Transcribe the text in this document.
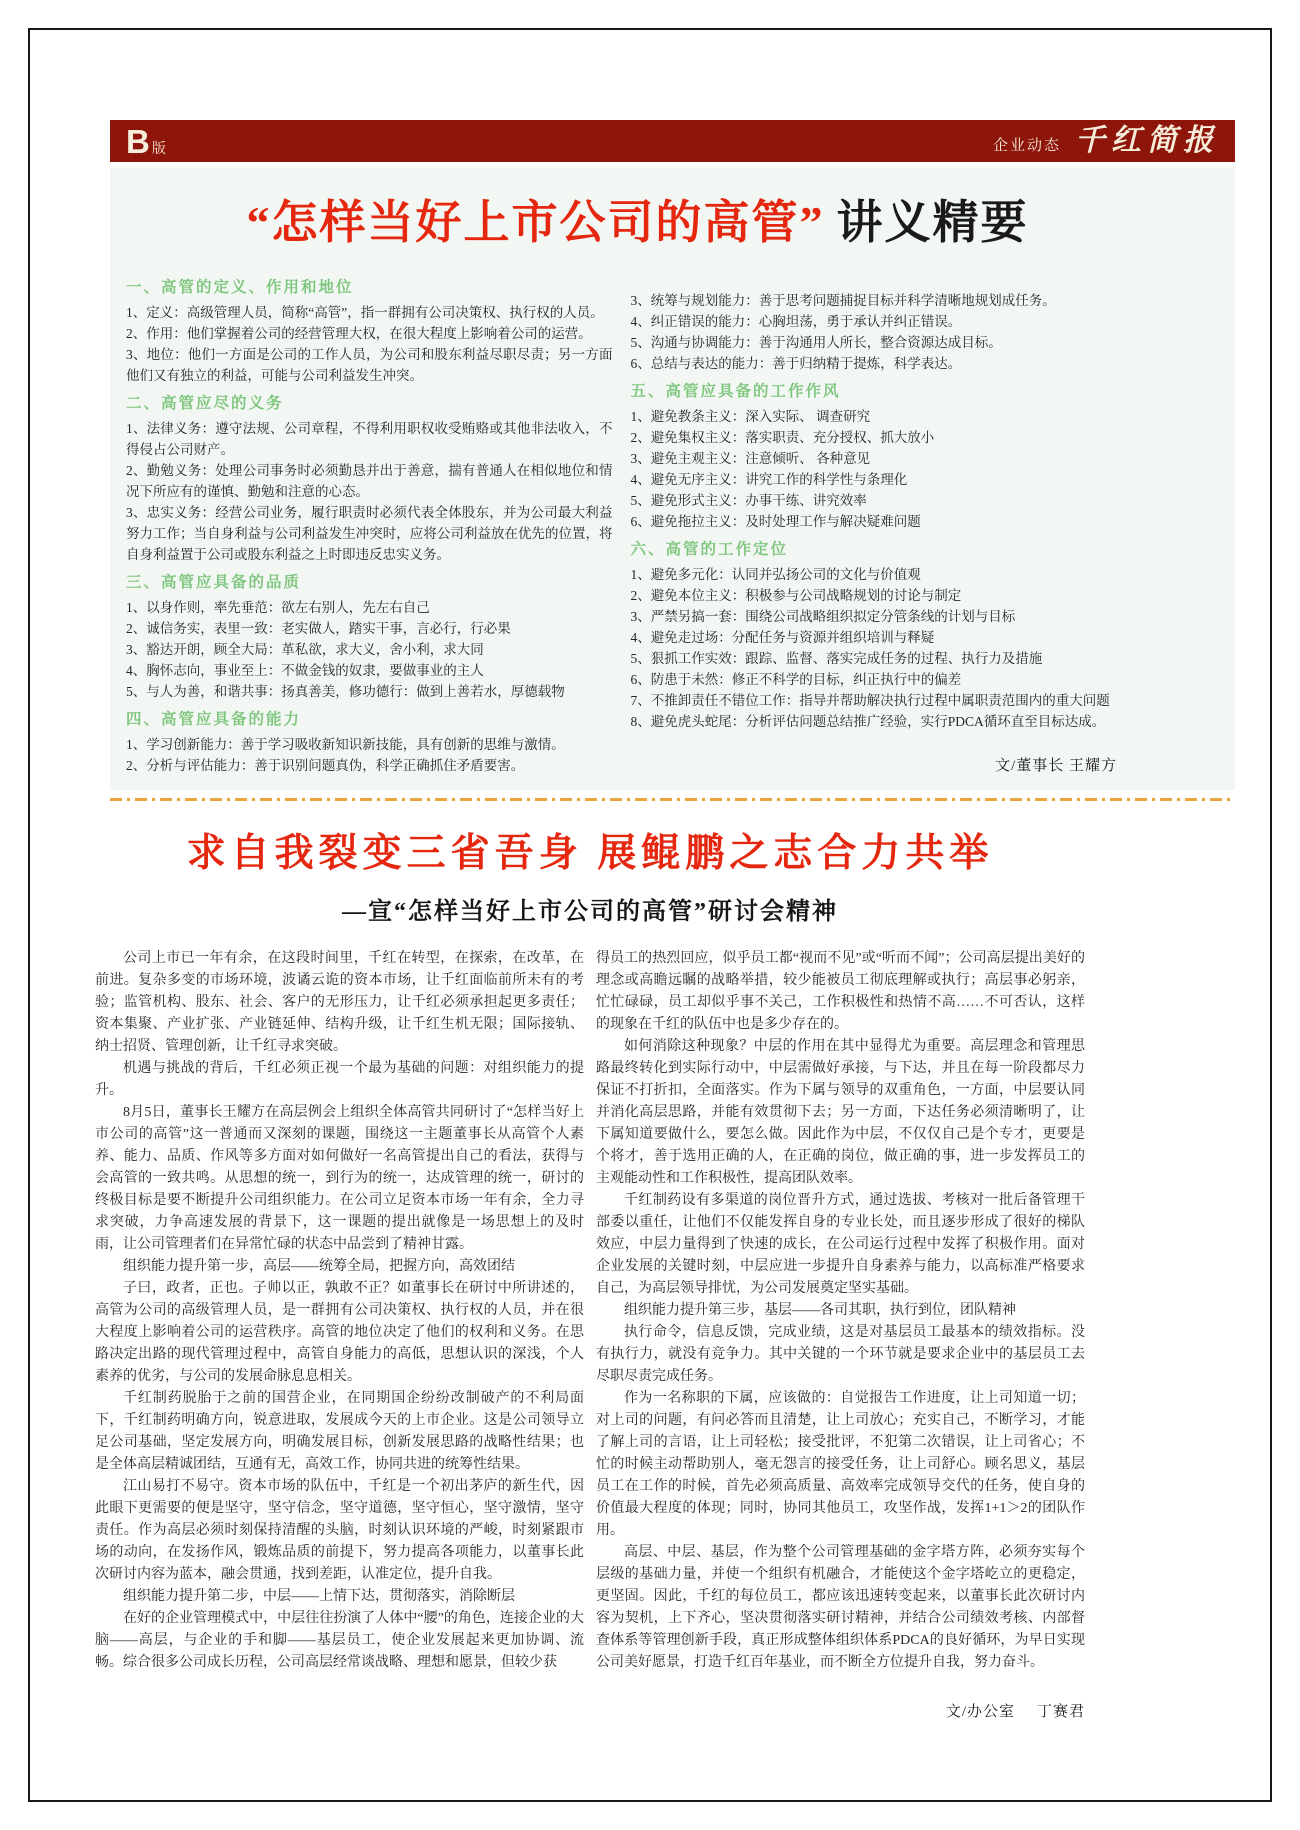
B 版	企业动态 千红简报
“怎样当好上市公司的高管” 讲义精要
一、高管的定义、作用和地位
1、定义：高级管理人员，简称“高管”，指一群拥有公司决策权、执行权的人员。
2、作用：他们掌握着公司的经营管理大权，在很大程度上影响着公司的运营。
3、地位：他们一方面是公司的工作人员，为公司和股东利益尽职尽责；另一方面他们又有独立的利益，可能与公司利益发生冲突。
二、高管应尽的义务
1、法律义务：遵守法规、公司章程，不得利用职权收受贿赂或其他非法收入，不得侵占公司财产。
2、勤勉义务：处理公司事务时必须勤恳并出于善意，揣有普通人在相似地位和情况下所应有的谨慎、勤勉和注意的心态。
3、忠实义务：经营公司业务，履行职责时必须代表全体股东，并为公司最大利益努力工作；当自身利益与公司利益发生冲突时，应将公司利益放在优先的位置，将自身利益置于公司或股东利益之上时即违反忠实义务。
三、高管应具备的品质
1、以身作则，率先垂范：欲左右别人，先左右自己
2、诚信务实，表里一致：老实做人，踏实干事，言必行，行必果
3、豁达开朗，顾全大局：革私欲，求大义，舍小利，求大同
4、胸怀志向，事业至上：不做金钱的奴隶，要做事业的主人
5、与人为善，和谐共事：扬真善美，修功德行：做到上善若水，厚德载物
四、高管应具备的能力
1、学习创新能力：善于学习吸收新知识新技能，具有创新的思维与激情。
2、分析与评估能力：善于识别问题真伪，科学正确抓住矛盾要害。
3、统筹与规划能力：善于思考问题捕捉目标并科学清晰地规划成任务。
4、纠正错误的能力：心胸坦荡，勇于承认并纠正错误。
5、沟通与协调能力：善于沟通用人所长，整合资源达成目标。
6、总结与表达的能力：善于归纳精于提炼，科学表达。
五、高管应具备的工作作风
1、避免教条主义：深入实际、 调查研究
2、避免集权主义：落实职责、充分授权、抓大放小
3、避免主观主义：注意倾听、 各种意见
4、避免无序主义：讲究工作的科学性与条理化
5、避免形式主义：办事干练、讲究效率
6、避免拖拉主义：及时处理工作与解决疑难问题
六、高管的工作定位
1、避免多元化：认同并弘扬公司的文化与价值观
2、避免本位主义：积极参与公司战略规划的讨论与制定
3、严禁另搞一套：围绕公司战略组织拟定分管条线的计划与目标
4、避免走过场：分配任务与资源并组织培训与释疑
5、狠抓工作实效：跟踪、监督、落实完成任务的过程、执行力及措施
6、防患于未然：修正不科学的目标，纠正执行中的偏差
7、不推卸责任不错位工作：指导并帮助解决执行过程中属职责范围内的重大问题
8、避免虎头蛇尾：分析评估问题总结推广经验，实行PDCA循环直至目标达成。
文/董事长 王耀方
求自我裂变三省吾身 展鲲鹏之志合力共举
—宣“怎样当好上市公司的高管”研讨会精神
公司上市已一年有余，在这段时间里，千红在转型，在探索，在改革，在前进。复杂多变的市场环境，波谲云诡的资本市场，让千红面临前所未有的考验；监管机构、股东、社会、客户的无形压力，让千红必须承担起更多责任；资本集聚、产业扩张、产业链延伸、结构升级，让千红生机无限；国际接轨、纳士招贤、管理创新，让千红寻求突破。
机遇与挑战的背后，千红必须正视一个最为基础的问题：对组织能力的提升。
8月5日，董事长王耀方在高层例会上组织全体高管共同研讨了“怎样当好上市公司的高管”这一普通而又深刻的课题，围绕这一主题董事长从高管个人素养、能力、品质、作风等多方面对如何做好一名高管提出自己的看法，获得与会高管的一致共鸣。从思想的统一，到行为的统一，达成管理的统一，研讨的终极目标是要不断提升公司组织能力。在公司立足资本市场一年有余，全力寻求突破，力争高速发展的背景下，这一课题的提出就像是一场思想上的及时雨，让公司管理者们在异常忙碌的状态中品尝到了精神甘露。
组织能力提升第一步，高层——统筹全局，把握方向，高效团结
子曰，政者，正也。子帅以正，孰敢不正？如董事长在研讨中所讲述的，高管为公司的高级管理人员，是一群拥有公司决策权、执行权的人员，并在很大程度上影响着公司的运营秩序。高管的地位决定了他们的权利和义务。在思路决定出路的现代管理过程中，高管自身能力的高低，思想认识的深浅，个人素养的优劣，与公司的发展命脉息息相关。
千红制药脱胎于之前的国营企业，在同期国企纷纷改制破产的不利局面下，千红制药明确方向，锐意进取，发展成今天的上市企业。这是公司领导立足公司基础，坚定发展方向，明确发展目标，创新发展思路的战略性结果；也是全体高层精诚团结，互通有无，高效工作，协同共进的统筹性结果。
江山易打不易守。资本市场的队伍中，千红是一个初出茅庐的新生代，因此眼下更需要的便是坚守，坚守信念，坚守道德，坚守恒心，坚守激情，坚守责任。作为高层必须时刻保持清醒的头脑，时刻认识环境的严峻，时刻紧跟市场的动向，在发扬作风，锻炼品质的前提下，努力提高各项能力，以董事长此次研讨内容为蓝本，融会贯通，找到差距，认准定位，提升自我。
组织能力提升第二步，中层——上情下达，贯彻落实，消除断层
在好的企业管理模式中，中层往往扮演了人体中“腰”的角色，连接企业的大脑——高层，与企业的手和脚——基层员工，使企业发展起来更加协调、流畅。综合很多公司成长历程，公司高层经常谈战略、理想和愿景，但较少获
得员工的热烈回应，似乎员工都“视而不见”或“听而不闻”；公司高层提出美好的理念或高瞻远瞩的战略举措，较少能被员工彻底理解或执行；高层事必躬亲，忙忙碌碌，员工却似乎事不关己，工作积极性和热情不高……不可否认，这样的现象在千红的队伍中也是多少存在的。
如何消除这种现象？中层的作用在其中显得尤为重要。高层理念和管理思路最终转化到实际行动中，中层需做好承接，与下达，并且在每一阶段都尽力保证不打折扣，全面落实。作为下属与领导的双重角色，一方面，中层要认同并消化高层思路，并能有效贯彻下去；另一方面，下达任务必须清晰明了，让下属知道要做什么，要怎么做。因此作为中层，不仅仅自己是个专才，更要是个将才，善于选用正确的人，在正确的岗位，做正确的事，进一步发挥员工的主观能动性和工作积极性，提高团队效率。
千红制药设有多渠道的岗位晋升方式，通过选拔、考核对一批后备管理干部委以重任，让他们不仅能发挥自身的专业长处，而且逐步形成了很好的梯队效应，中层力量得到了快速的成长，在公司运行过程中发挥了积极作用。面对企业发展的关键时刻，中层应进一步提升自身素养与能力，以高标准严格要求自己，为高层领导排忧，为公司发展奠定坚实基础。
组织能力提升第三步，基层——各司其职，执行到位，团队精神
执行命令，信息反馈，完成业绩，这是对基层员工最基本的绩效指标。没有执行力，就没有竞争力。其中关键的一个环节就是要求企业中的基层员工去尽职尽责完成任务。
作为一名称职的下属，应该做的：自觉报告工作进度，让上司知道一切；对上司的问题，有问必答而且清楚，让上司放心；充实自己，不断学习，才能了解上司的言语，让上司轻松；接受批评，不犯第二次错误，让上司省心；不忙的时候主动帮助别人，毫无怨言的接受任务，让上司舒心。顾名思义，基层员工在工作的时候，首先必须高质量、高效率完成领导交代的任务，使自身的价值最大程度的体现；同时，协同其他员工，攻坚作战，发挥1+1＞2的团队作用。
高层、中层、基层，作为整个公司管理基础的金字塔方阵，必须夯实每个层级的基础力量，并使一个组织有机融合，才能使这个金字塔屹立的更稳定，更坚固。因此，千红的每位员工，都应该迅速转变起来，以董事长此次研讨内容为契机，上下齐心，坚决贯彻落实研讨精神，并结合公司绩效考核、内部督查体系等管理创新手段，真正形成整体组织体系PDCA的良好循环，为早日实现公司美好愿景，打造千红百年基业，而不断全方位提升自我，努力奋斗。
文/办公室 丁赛君
